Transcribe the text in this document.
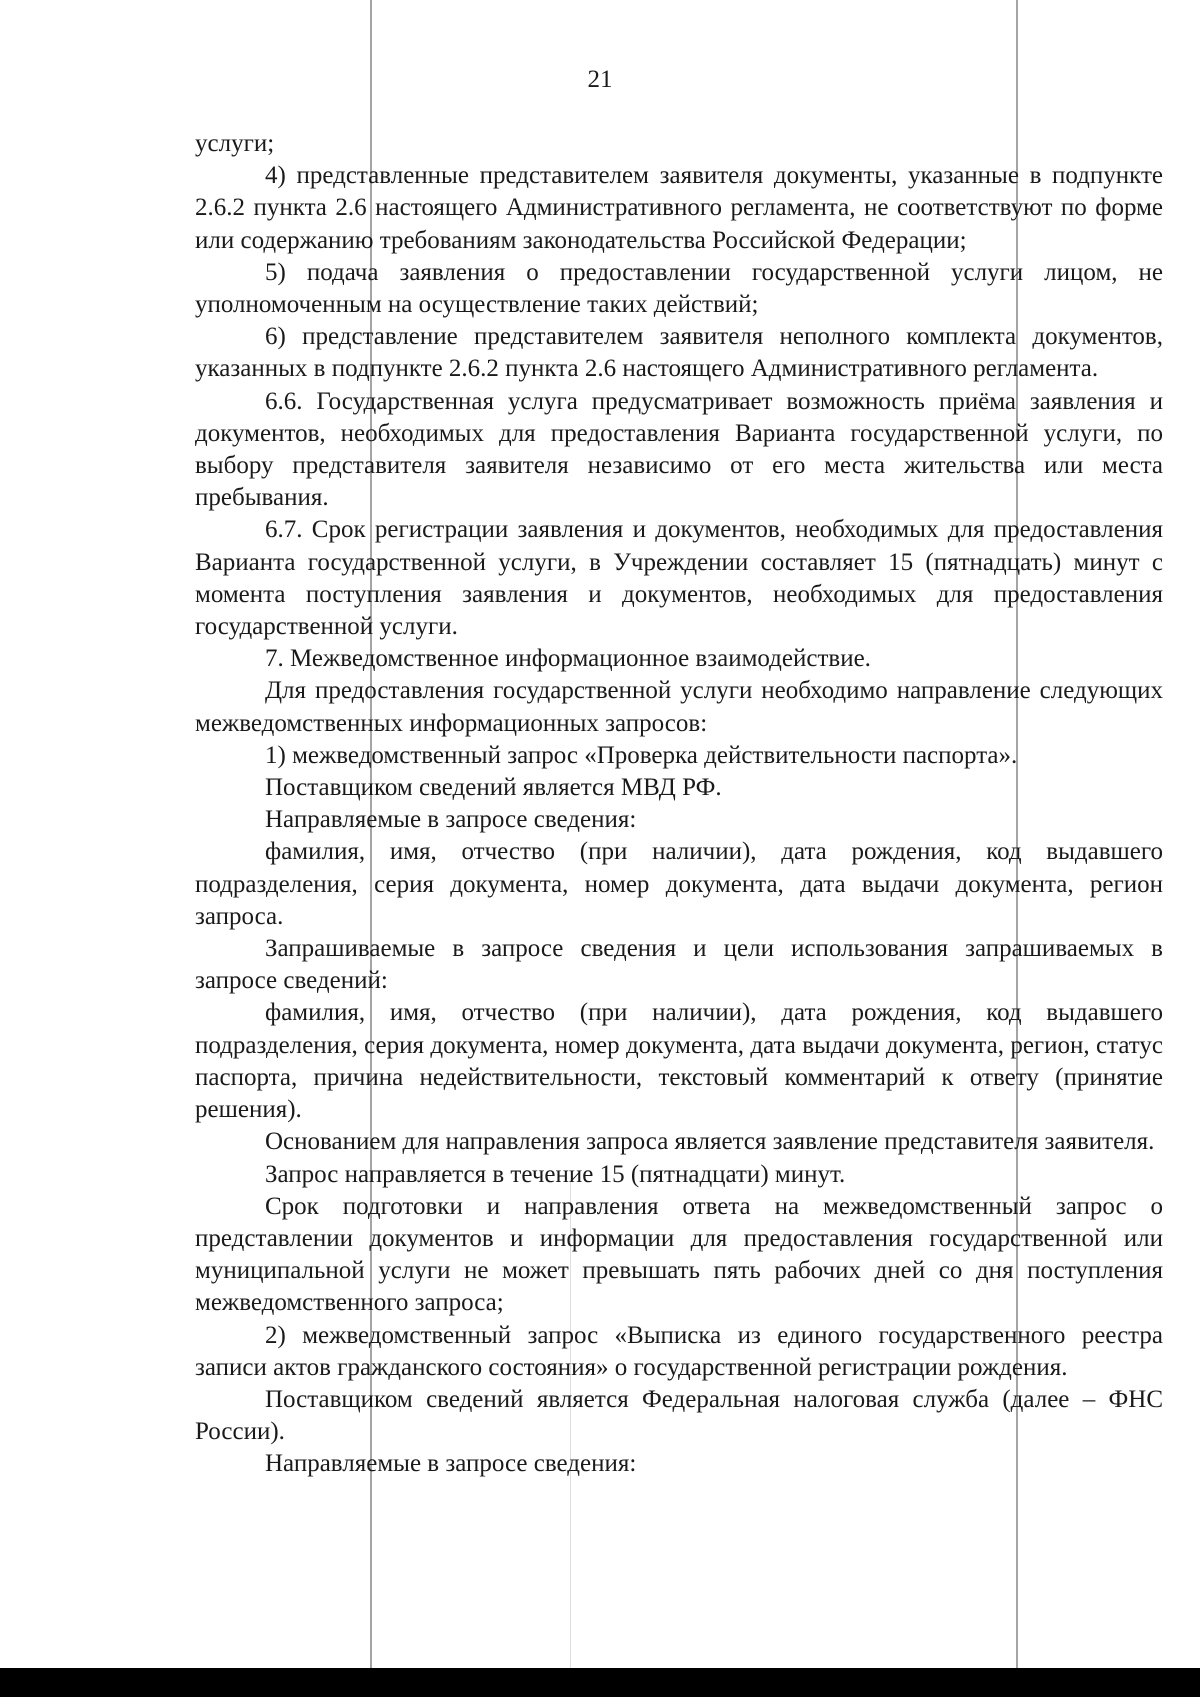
21

услуги;

4) представленные представителем заявителя документы, указанные в подпункте 2.6.2 пункта 2.6 настоящего Административного регламента, не соответствуют по форме или содержанию требованиям законодательства Российской Федерации;

5) подача заявления о предоставлении государственной услуги лицом, не уполномоченным на осуществление таких действий;

6) представление представителем заявителя неполного комплекта документов, указанных в подпункте 2.6.2 пункта 2.6 настоящего Административного регламента.

6.6. Государственная услуга предусматривает возможность приёма заявления и документов, необходимых для предоставления Варианта государственной услуги, по выбору представителя заявителя независимо от его места жительства или места пребывания.

6.7. Срок регистрации заявления и документов, необходимых для предоставления Варианта государственной услуги, в Учреждении составляет 15 (пятнадцать) минут с момента поступления заявления и документов, необходимых для предоставления государственной услуги.

7. Межведомственное информационное взаимодействие.

Для предоставления государственной услуги необходимо направление следующих межведомственных информационных запросов:

1) межведомственный запрос «Проверка действительности паспорта».

Поставщиком сведений является МВД РФ.

Направляемые в запросе сведения:

фамилия, имя, отчество (при наличии), дата рождения, код выдавшего подразделения, серия документа, номер документа, дата выдачи документа, регион запроса.

Запрашиваемые в запросе сведения и цели использования запрашиваемых в запросе сведений:

фамилия, имя, отчество (при наличии), дата рождения, код выдавшего подразделения, серия документа, номер документа, дата выдачи документа, регион, статус паспорта, причина недействительности, текстовый комментарий к ответу (принятие решения).

Основанием для направления запроса является заявление представителя заявителя.

Запрос направляется в течение 15 (пятнадцати) минут.

Срок подготовки и направления ответа на межведомственный запрос о представлении документов и информации для предоставления государственной или муниципальной услуги не может превышать пять рабочих дней со дня поступления межведомственного запроса;

2) межведомственный запрос «Выписка из единого государственного реестра записи актов гражданского состояния» о государственной регистрации рождения.

Поставщиком сведений является Федеральная налоговая служба (далее – ФНС России).

Направляемые в запросе сведения:
